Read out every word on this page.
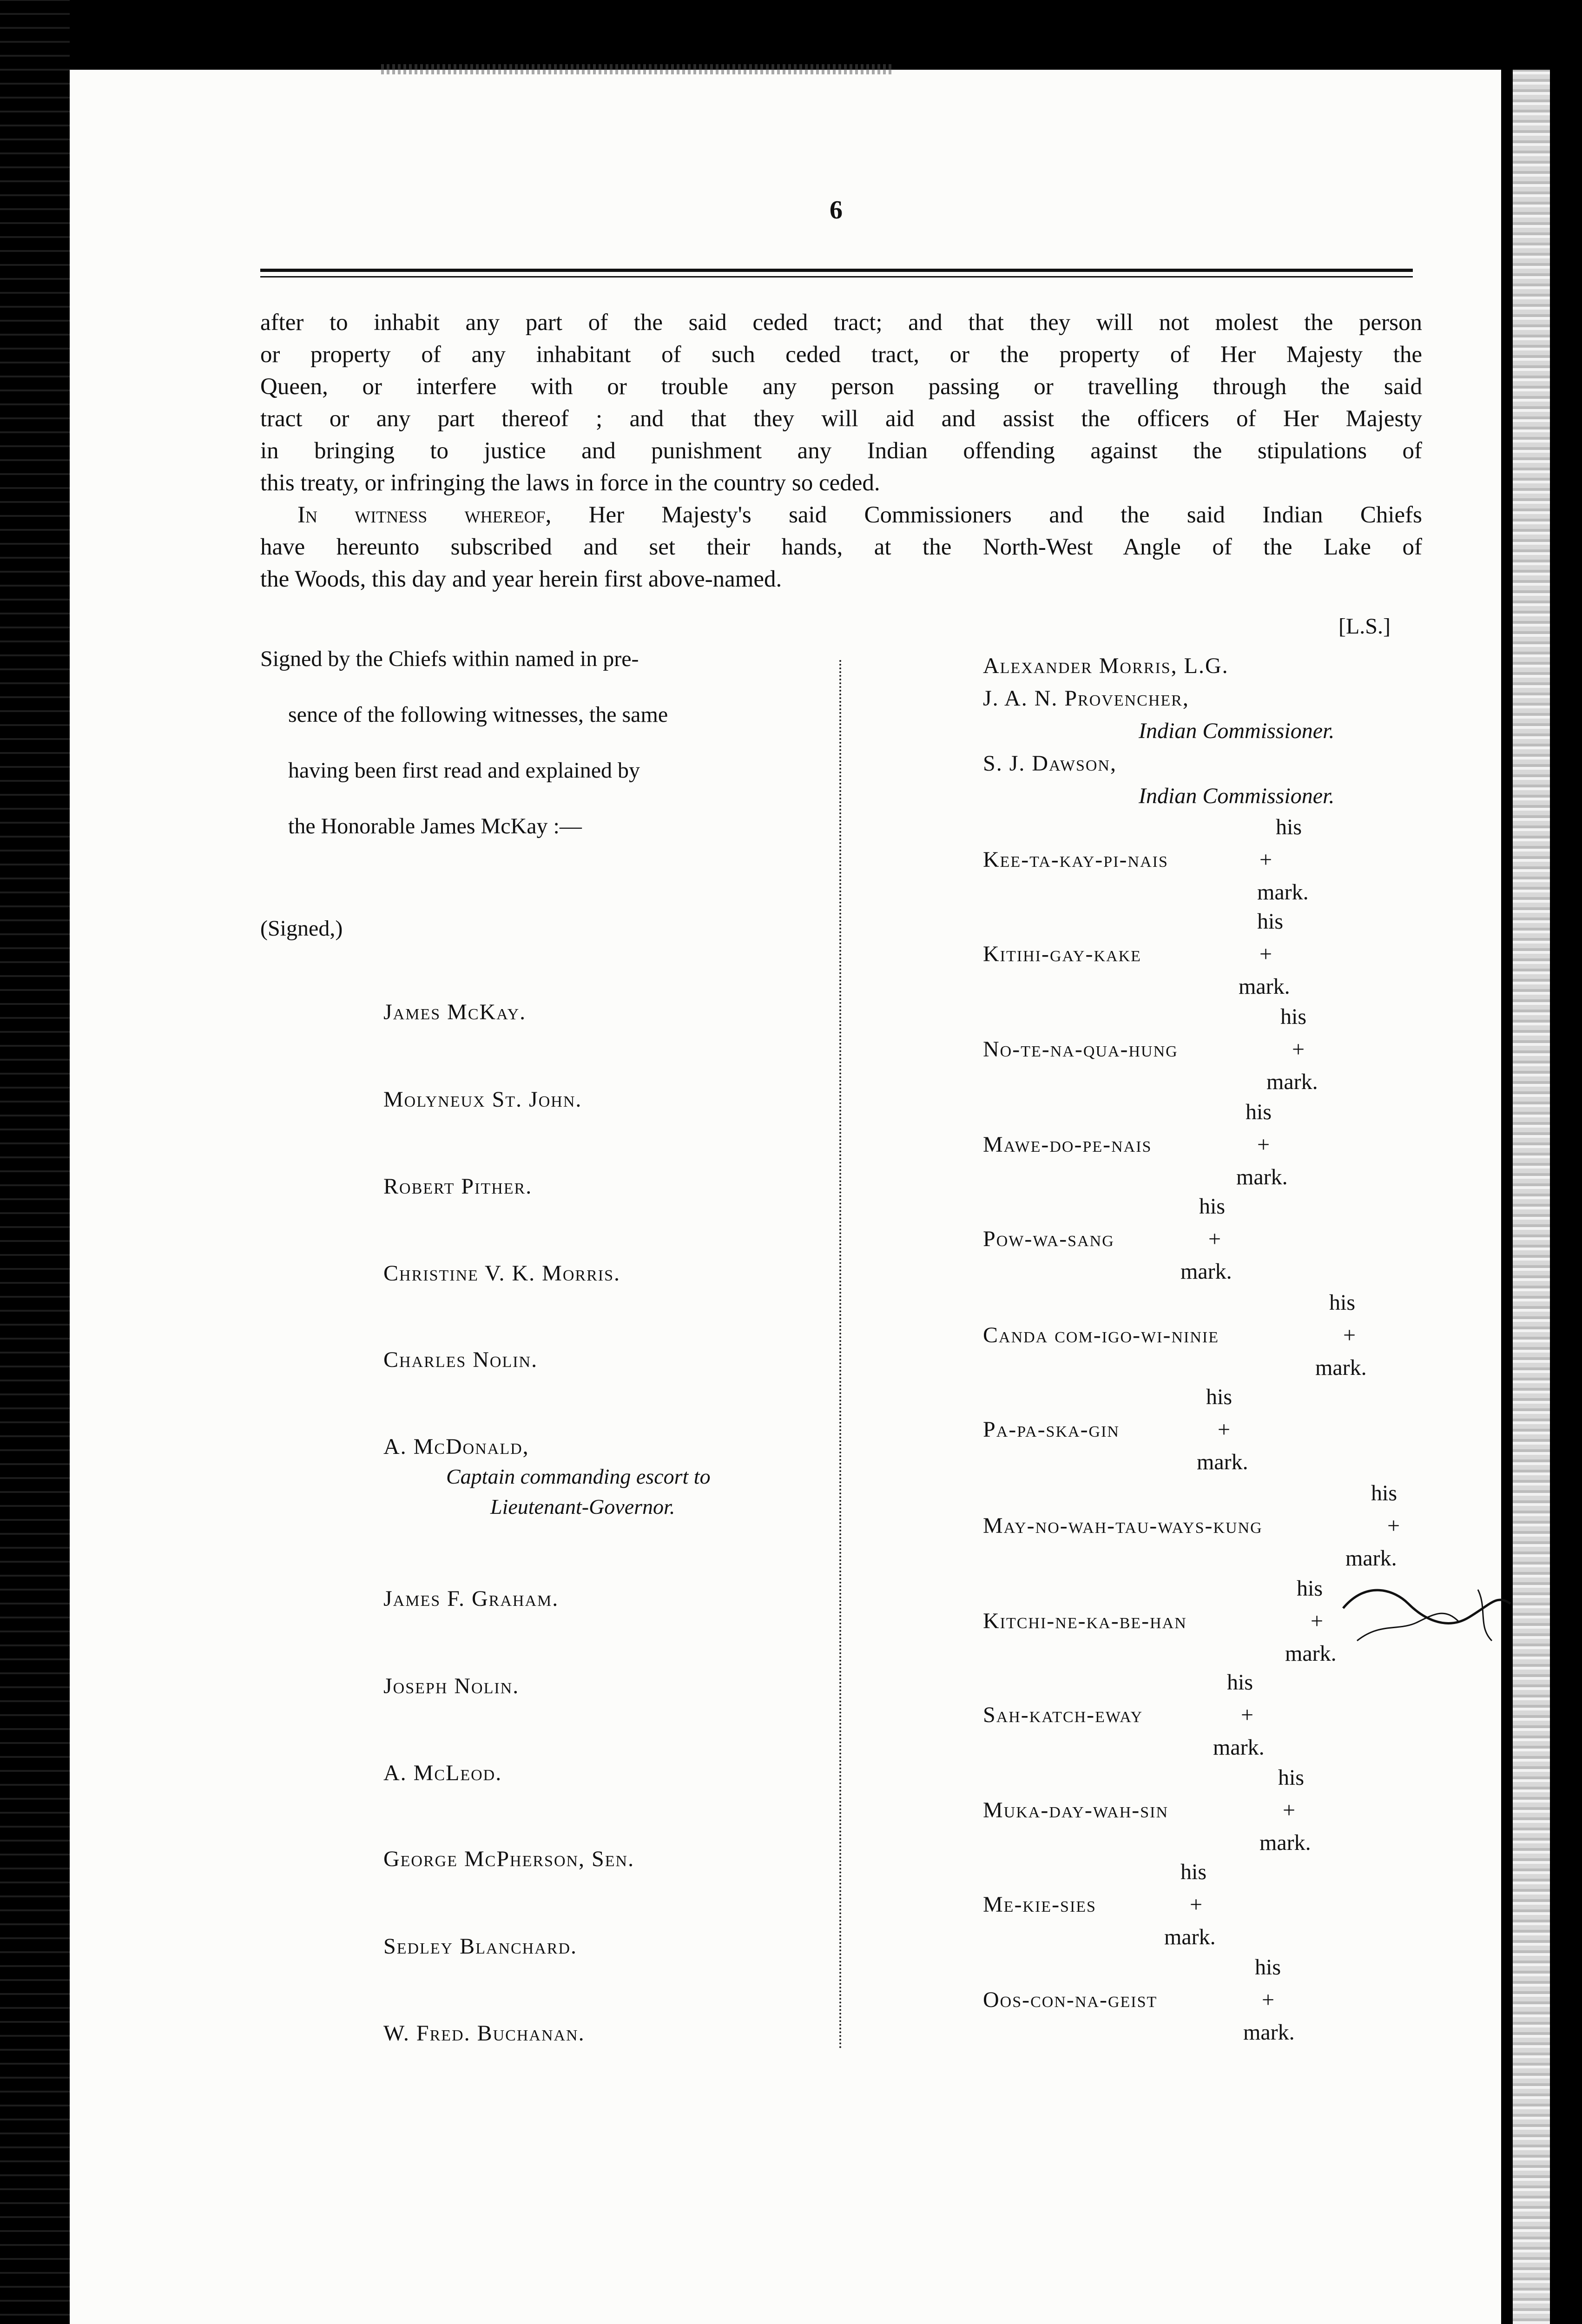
6
after to inhabit any part of the said ceded tract; and that they will not molest the person
or property of any inhabitant of such ceded tract, or the property of Her Majesty the
Queen, or interfere with or trouble any person passing or travelling through the said
tract or any part thereof ; and that they will aid and assist the officers of Her Majesty
in bringing to justice and punishment any Indian offending against the stipulations of
this treaty, or infringing the laws in force in the country so ceded.
In witness whereof, Her Majesty's said Commissioners and the said Indian Chiefs
have hereunto subscribed and set their hands, at the North-West Angle of the Lake of
the Woods, this day and year herein first above-named.
[L.S.]
Signed by the Chiefs within named in pre-
sence of the following witnesses, the same
having been first read and explained by
the Honorable James McKay :—
(Signed,)
James McKay.
Molyneux St. John.
Robert Pither.
Christine V. K. Morris.
Charles Nolin.
A. McDonald,
Captain commanding escort to
Lieutenant-Governor.
James F. Graham.
Joseph Nolin.
A. McLeod.
George McPherson, Sen.
Sedley Blanchard.
W. Fred. Buchanan.
Alexander Morris, L.G.
J. A. N. Provencher,
Indian Commissioner.
S. J. Dawson,
Indian Commissioner.
his
Kee-ta-kay-pi-nais	+
mark.
his
Kitihi-gay-kake	+
mark.
his
No-te-na-qua-hung	+
mark.
his
Mawe-do-pe-nais	+
mark.
his
Pow-wa-sang	+
mark.
his
Canda com-igo-wi-ninie	+
mark.
his
Pa-pa-ska-gin	+
mark.
his
May-no-wah-tau-ways-kung	+
mark.
his
Kitchi-ne-ka-be-han	+
mark.
his
Sah-katch-eway	+
mark.
his
Muka-day-wah-sin	+
mark.
his
Me-kie-sies	+
mark.
his
Oos-con-na-geist	+
mark.
